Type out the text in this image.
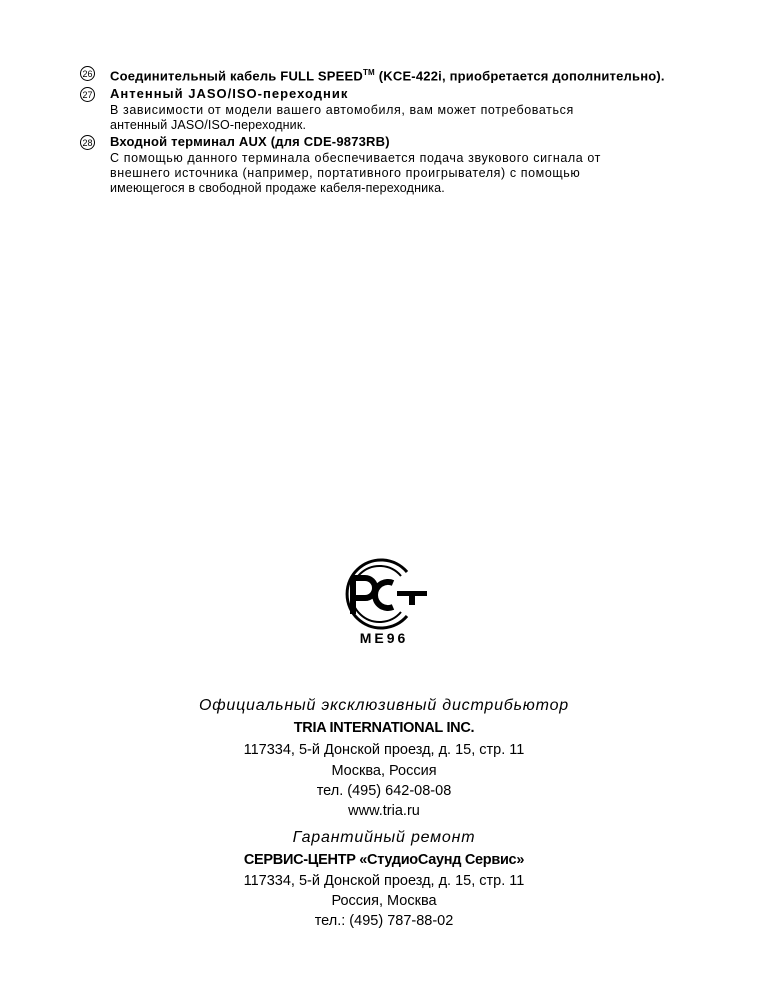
26 Соединительный кабель FULL SPEED™ (KCE-422i, приобретается дополнительно).
27 Антенный JASO/ISO-переходник
В зависимости от модели вашего автомобиля, вам может потребоваться
антенный JASO/ISO-переходник.
28 Входной терминал AUX (для CDE-9873RB)
С помощью данного терминала обеспечивается подача звукового сигнала от
внешнего источника (например, портативного проигрывателя) с помощью
имеющегося в свободной продаже кабеля-переходника.
ME96
Официальный эксклюзивный дистрибьютор
TRIA INTERNATIONAL INC.
117334, 5-й Донской проезд, д. 15, стр. 11
Москва, Россия
тел. (495) 642-08-08
www.tria.ru
Гарантийный ремонт
СЕРВИС-ЦЕНТР «СтудиоСаунд Сервис»
117334, 5-й Донской проезд, д. 15, стр. 11
Россия, Москва
тел.: (495) 787-88-02
